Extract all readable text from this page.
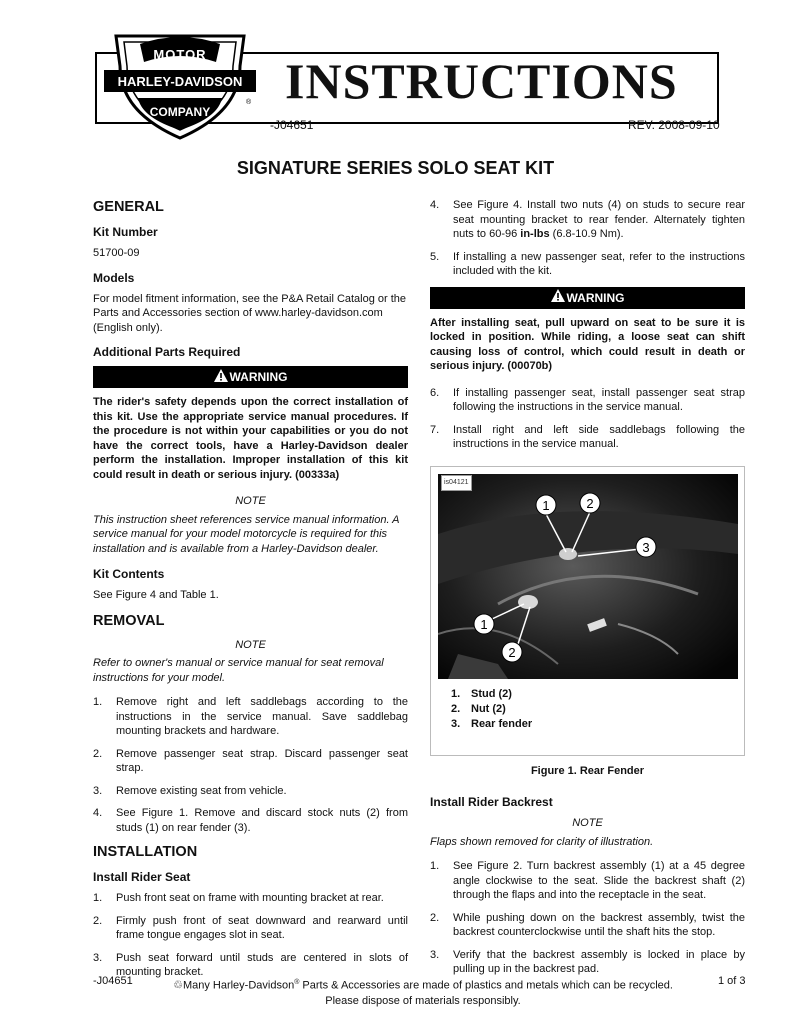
MOTOR
HARLEY-DAVIDSON
COMPANY
® INSTRUCTIONS
-J04651	REV. 2008-09-10
SIGNATURE SERIES SOLO SEAT KIT
GENERAL
Kit Number

51700-09

Models

For model fitment information, see the P&A Retail Catalog or the Parts and Accessories section of www.harley-davidson.com (English only).

Additional Parts Required
WARNING

The rider's safety depends upon the correct installation of this kit. Use the appropriate service manual procedures. If the procedure is not within your capabilities or you do not have the correct tools, have a Harley-Davidson dealer perform the installation. Improper installation of this kit could result in death or serious injury. (00333a)

NOTE

This instruction sheet references service manual information. A service manual for your model motorcycle is required for this installation and is available from a Harley-Davidson dealer.

Kit Contents

See Figure 4 and Table 1.

REMOVAL

NOTE

Refer to owner's manual or service manual for seat removal instructions for your model.

1. Remove right and left saddlebags according to the instructions in the service manual. Save saddlebag mounting brackets and hardware.
2. Remove passenger seat strap. Discard passenger seat strap.
3. Remove existing seat from vehicle.
4. See Figure 1. Remove and discard stock nuts (2) from studs (1) on rear fender (3).
INSTALLATION
Install Rider Seat
1. Push front seat on frame with mounting bracket at rear.
2. Firmly push front of seat downward and rearward until frame tongue engages slot in seat.
3. Push seat forward until studs are centered in slots of mounting bracket.
4. See Figure 4. Install two nuts (4) on studs to secure rear seat mounting bracket to rear fender. Alternately tighten nuts to 60-96 in-lbs (6.8-10.9 Nm).
5. If installing a new passenger seat, refer to the instructions included with the kit.
WARNING

After installing seat, pull upward on seat to be sure it is locked in position. While riding, a loose seat can shift causing loss of control, which could result in death or serious injury. (00070b)

6. If installing passenger seat, install passenger seat strap following the instructions in the service manual.
7. Install right and left side saddlebags following the instructions in the service manual.
1	2
3
1
2
is04121
1. Stud (2)
2. Nut (2)
3. Rear fender

Figure 1. Rear Fender

Install Rider Backrest

NOTE

Flaps shown removed for clarity of illustration.

1. See Figure 2. Turn backrest assembly (1) at a 45 degree angle clockwise to the seat. Slide the backrest shaft (2) through the flaps and into the receptacle in the seat.
2. While pushing down on the backrest assembly, twist the backrest counterclockwise until the shaft hits the stop.
3. Verify that the backrest assembly is locked in place by pulling up in the backrest pad.
-J04651	♲Many Harley-Davidson® Parts & Accessories are made of plastics and metals which can be recycled.
Please dispose of materials responsibly.
1 of 3
